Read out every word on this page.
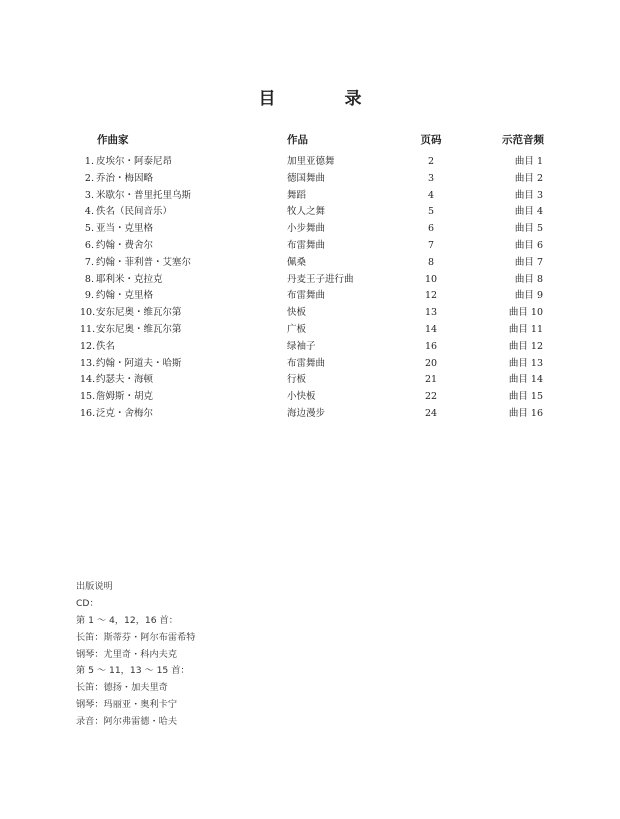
目　录
作曲家	作品	页码	示范音频
1. 皮埃尔・阿泰尼昂	加里亚德舞	2	曲目 1
2. 乔治・梅因略	德国舞曲	3	曲目 2
3. 米歇尔・普里托里乌斯	舞蹈	4	曲目 3
4. 佚名（民间音乐）	牧人之舞	5	曲目 4
5. 亚当・克里格	小步舞曲	6	曲目 5
6. 约翰・费舍尔	布雷舞曲	7	曲目 6
7. 约翰・菲利普・艾塞尔	佩桑	8	曲目 7
8. 耶利米・克拉克	丹麦王子进行曲	10	曲目 8
9. 约翰・克里格	布雷舞曲	12	曲目 9
10. 安东尼奥・维瓦尔第	快板	13	曲目 10
11. 安东尼奥・维瓦尔第	广板	14	曲目 11
12. 佚名	绿袖子	16	曲目 12
13. 约翰・阿道夫・哈斯	布雷舞曲	20	曲目 13
14. 约瑟夫・海顿	行板	21	曲目 14
15. 詹姆斯・胡克	小快板	22	曲目 15
16. 泛克・舍梅尔	海边漫步	24	曲目 16
出版说明
CD：
第 1 ～ 4，12，16 首：
长笛：斯蒂芬・阿尔布雷希特
钢琴：尤里奇・科内夫克
第 5 ～ 11，13 ～ 15 首：
长笛：德扬・加夫里奇
钢琴：玛丽亚・奥利卡宁
录音：阿尔弗雷德・哈夫
